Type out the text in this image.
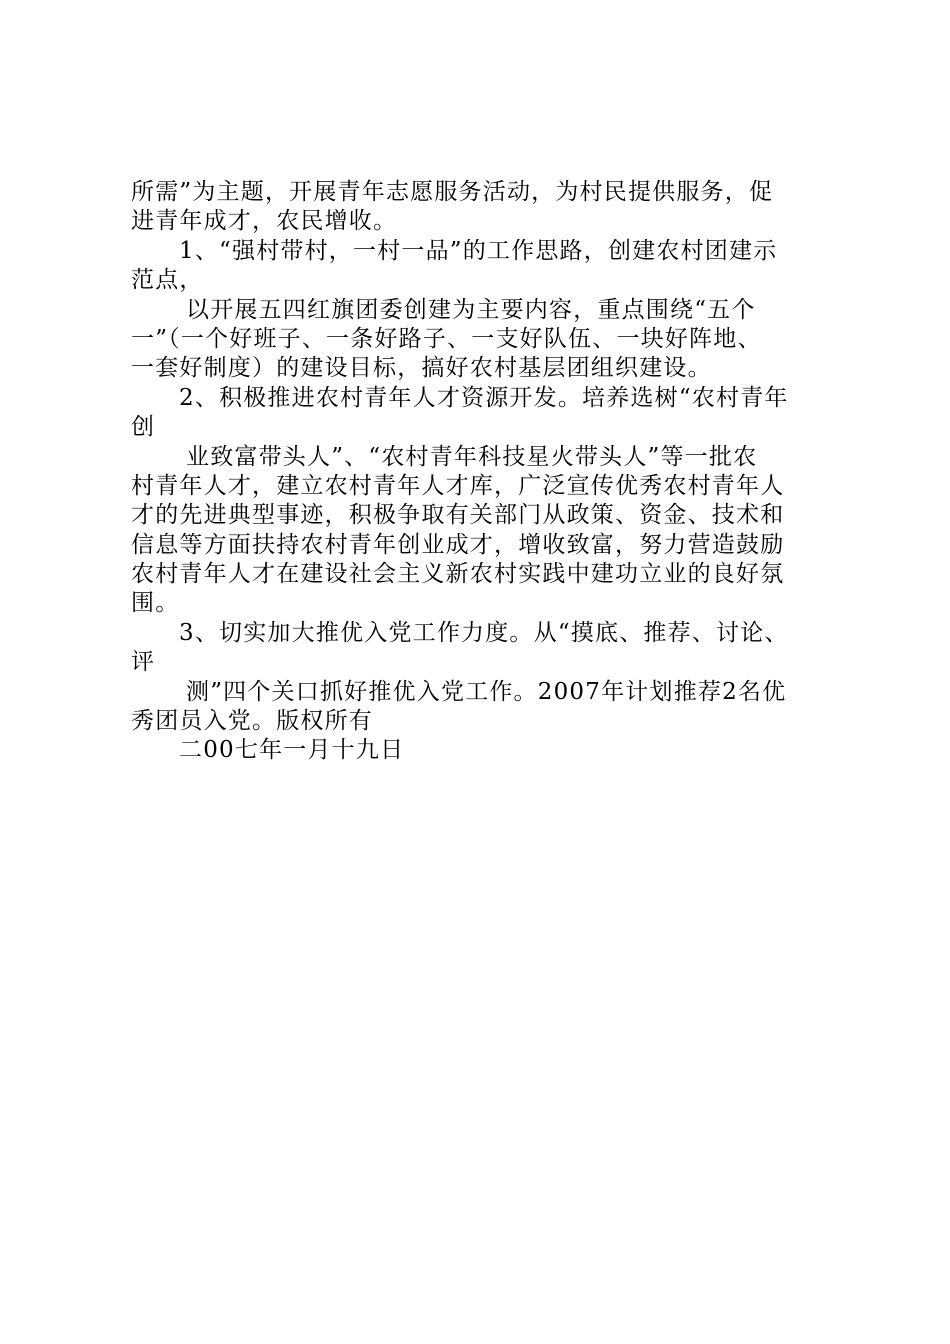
所需”为主题，开展青年志愿服务活动，为村民提供服务，促
进青年成才，农民增收。
1、“强村带村，一村一品”的工作思路，创建农村团建示
范点，
以开展五四红旗团委创建为主要内容，重点围绕“五个
一”（一个好班子、一条好路子、一支好队伍、一块好阵地、
一套好制度）的建设目标，搞好农村基层团组织建设。
2、积极推进农村青年人才资源开发。培养选树“农村青年
创
业致富带头人”、“农村青年科技星火带头人”等一批农
村青年人才，建立农村青年人才库，广泛宣传优秀农村青年人
才的先进典型事迹，积极争取有关部门从政策、资金、技术和
信息等方面扶持农村青年创业成才，增收致富，努力营造鼓励
农村青年人才在建设社会主义新农村实践中建功立业的良好氛
围。
3、切实加大推优入党工作力度。从“摸底、推荐、讨论、
评
测”四个关口抓好推优入党工作。2007年计划推荐2名优
秀团员入党。版权所有
二00七年一月十九日
